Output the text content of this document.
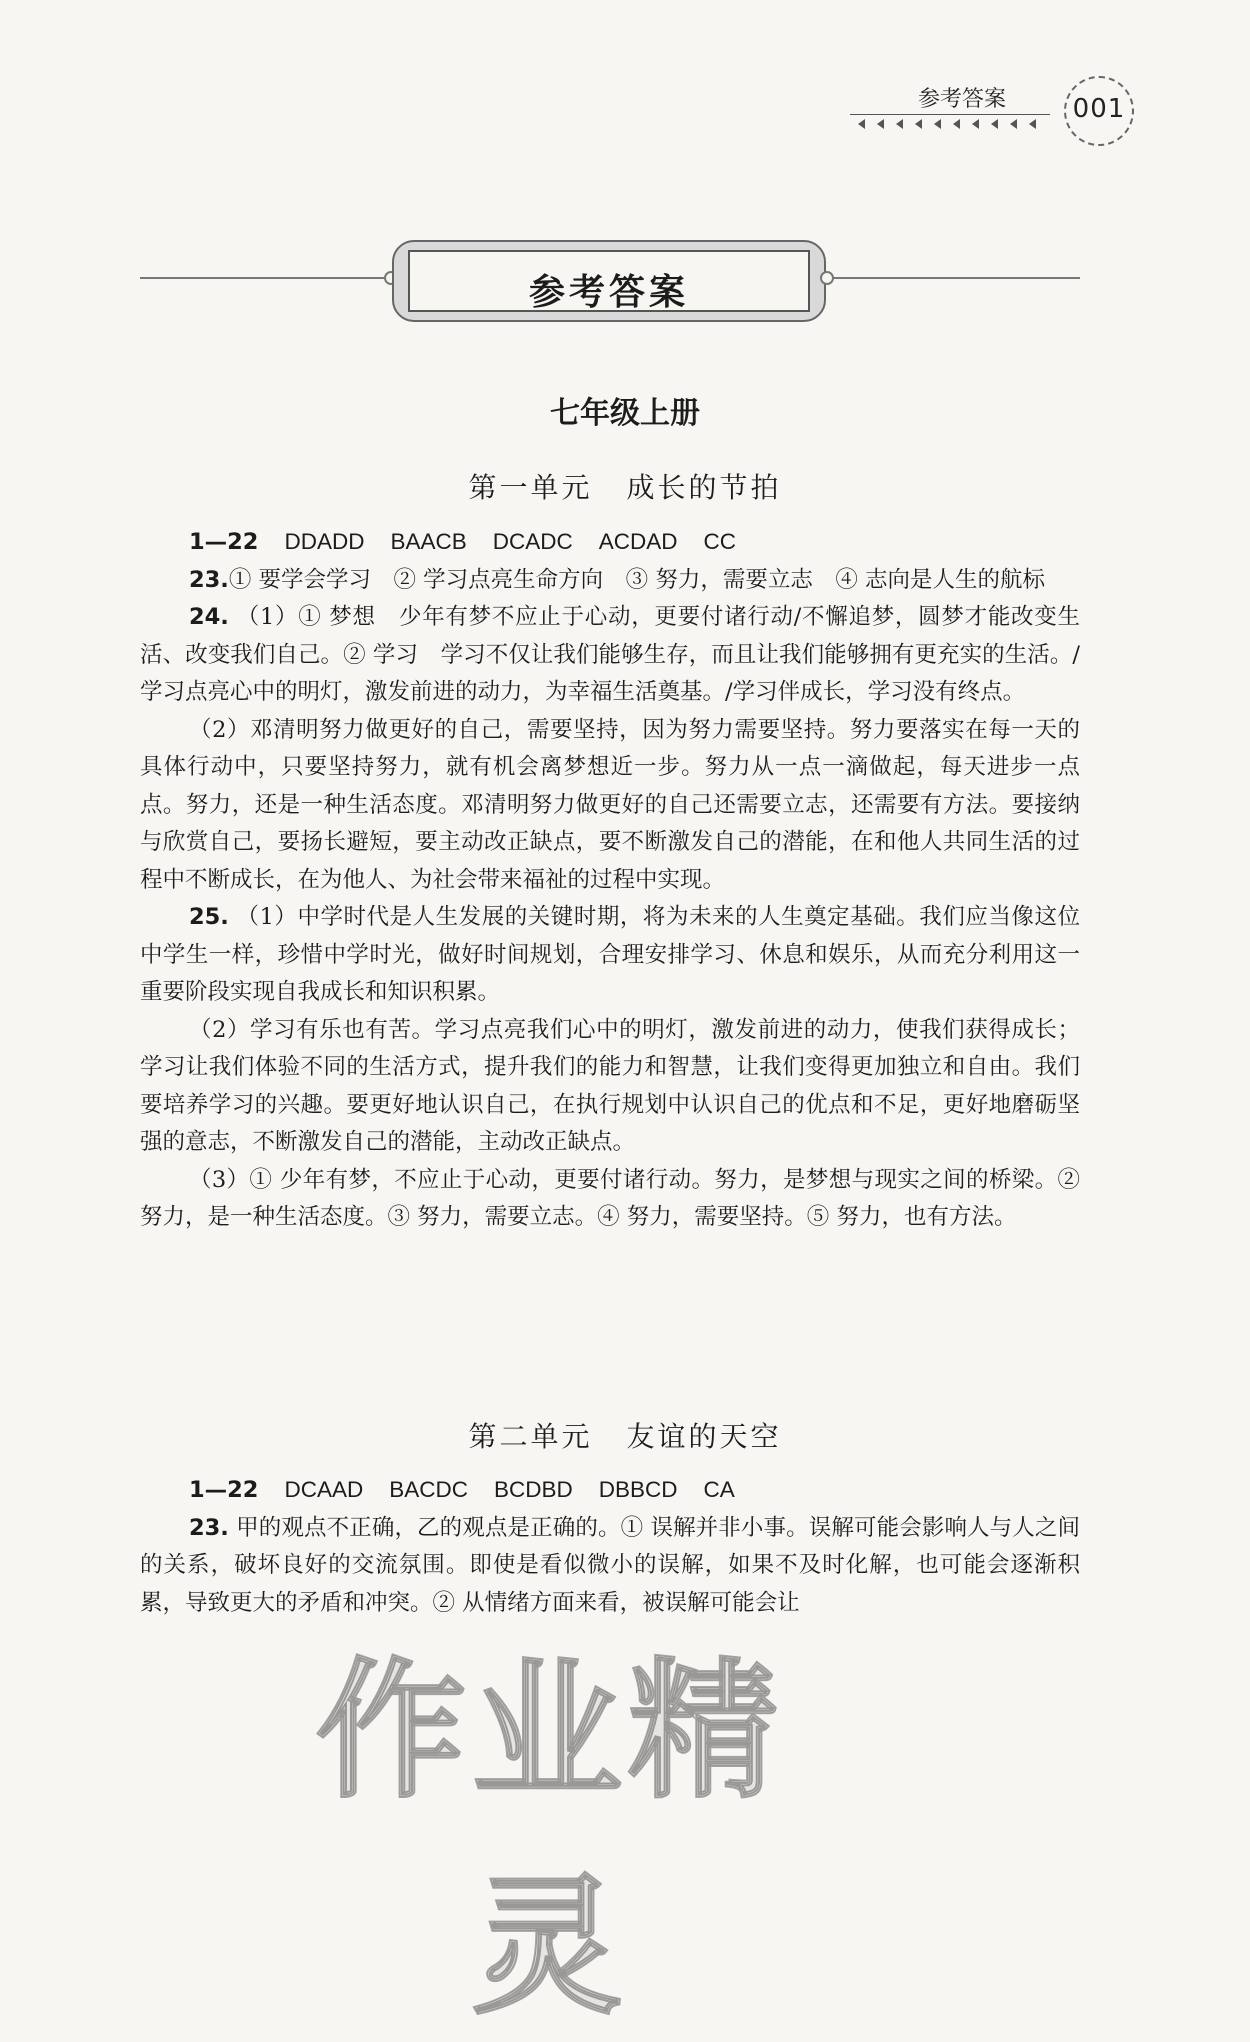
参考答案	001
参考答案
七年级上册
第一单元 成长的节拍

1—22 DDADD BAACB DCADC ACDAD CC

23.① 要学会学习　② 学习点亮生命方向　③ 努力，需要立志　④ 志向是人生的航标

24. （1）① 梦想　少年有梦不应止于心动，更要付诸行动/不懈追梦，圆梦才能改变生活、改变我们自己。② 学习　学习不仅让我们能够生存，而且让我们能够拥有更充实的生活。/学习点亮心中的明灯，激发前进的动力，为幸福生活奠基。/学习伴成长，学习没有终点。

（2）邓清明努力做更好的自己，需要坚持，因为努力需要坚持。努力要落实在每一天的具体行动中，只要坚持努力，就有机会离梦想近一步。努力从一点一滴做起，每天进步一点点。努力，还是一种生活态度。邓清明努力做更好的自己还需要立志，还需要有方法。要接纳与欣赏自己，要扬长避短，要主动改正缺点，要不断激发自己的潜能，在和他人共同生活的过程中不断成长，在为他人、为社会带来福祉的过程中实现。

25. （1）中学时代是人生发展的关键时期，将为未来的人生奠定基础。我们应当像这位中学生一样，珍惜中学时光，做好时间规划，合理安排学习、休息和娱乐，从而充分利用这一重要阶段实现自我成长和知识积累。

（2）学习有乐也有苦。学习点亮我们心中的明灯，激发前进的动力，使我们获得成长；学习让我们体验不同的生活方式，提升我们的能力和智慧，让我们变得更加独立和自由。我们要培养学习的兴趣。要更好地认识自己，在执行规划中认识自己的优点和不足，更好地磨砺坚强的意志，不断激发自己的潜能，主动改正缺点。

（3）① 少年有梦，不应止于心动，更要付诸行动。努力，是梦想与现实之间的桥梁。② 努力，是一种生活态度。③ 努力，需要立志。④ 努力，需要坚持。⑤ 努力，也有方法。

第二单元 友谊的天空

1—22 DCAAD BACDC BCDBD DBBCD CA

23. 甲的观点不正确，乙的观点是正确的。① 误解并非小事。误解可能会影响人与人之间的关系，破坏良好的交流氛围。即使是看似微小的误解，如果不及时化解，也可能会逐渐积累，导致更大的矛盾和冲突。② 从情绪方面来看，被误解可能会让

作业精灵
